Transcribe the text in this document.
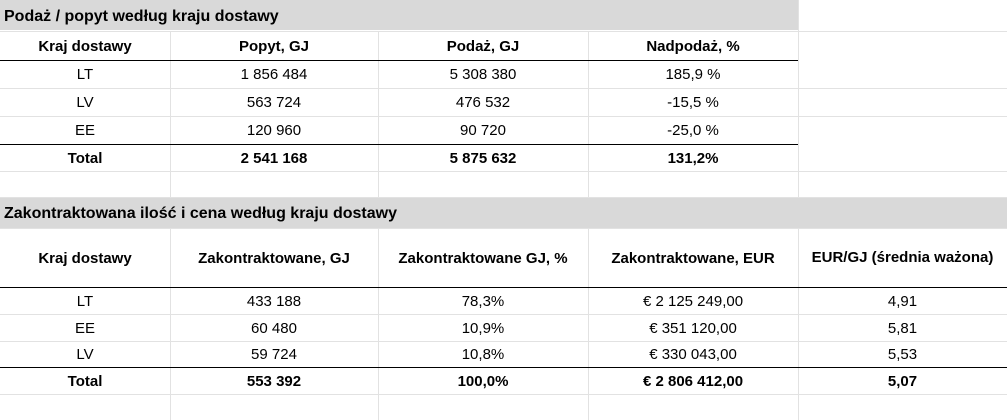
Podaż / popyt według kraju dostawy
Zakontraktowana ilość i cena według kraju dostawy
Kraj dostawy	Popyt, GJ	Podaż, GJ	Nadpodaż, %
LT	1 856 484	5 308 380	185,9 %
LV	563 724	476 532	-15,5 %
EE	120 960	90 720	-25,0 %
Total	2 541 168	5 875 632	131,2%
Kraj dostawy	Zakontraktowane, GJ	Zakontraktowane GJ, %	Zakontraktowane, EUR	EUR/GJ (średnia ważona)
LT	433 188	78,3%	€ 2 125 249,00	4,91
EE	60 480	10,9%	€ 351 120,00	5,81
LV	59 724	10,8%	€ 330 043,00	5,53
Total	553 392	100,0%	€ 2 806 412,00	5,07
